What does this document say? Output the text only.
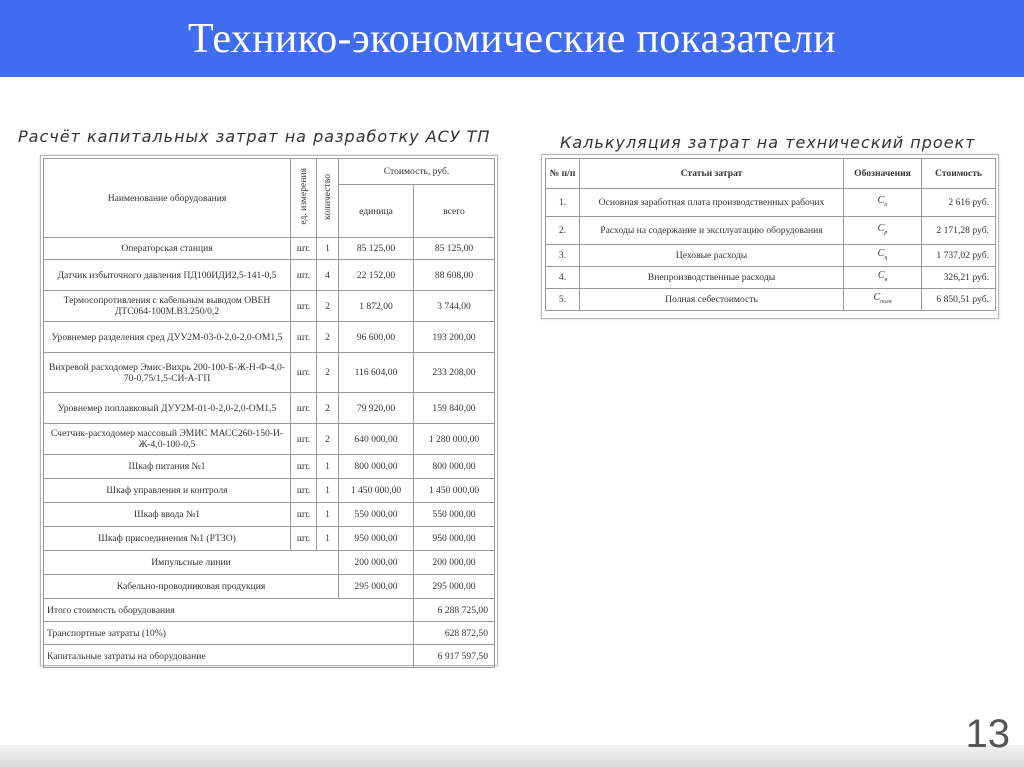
Технико-экономические показатели
Расчёт капитальных затрат на разработку АСУ ТП	Калькуляция затрат на технический проект
Наименование оборудования	ед. измерения	количество	Стоимость, руб.	
			единица	всего
Операторская станция	шт.	1	85 125,00	85 125,00
Датчик избыточного давления ПД100ИДИ2,5-141-0,5	шт.	4	22 152,00	88 608,00
Термосопротивления с кабельным выводом ОВЕН ДТС064-100М.В3.250/0,2	шт.	2	1 872,00	3 744,00
Уровнемер разделения сред ДУУ2М-03-0-2,0-2,0-ОМ1,5	шт.	2	96 600,00	193 200,00
Вихревой расходомер Эмис-Вихрь 200-100-Б-Ж-Н-Ф-4,0-70-0,75/1,5-СИ-А-ГП	шт.	2	116 604,00	233 208,00
Уровнемер поплавковый ДУУ2М-01-0-2,0-2,0-ОМ1,5	шт.	2	79 920,00	159 840,00
Счетчик-расходомер массовый ЭМИС МАСС260-150-И-Ж-4,0-100-0,5	шт.	2	640 000,00	1 280 000,00
Шкаф питания №1	шт.	1	800 000,00	800 000,00
Шкаф управления и контроля	шт.	1	1 450 000,00	1 450 000,00
Шкаф ввода №1	шт.	1	550 000,00	550 000,00
Шкаф присоединения №1 (РТЗО)	шт.	1	950 000,00	950 000,00
Импульсные линии			200 000,00	200 000,00
Кабельно-проводниковая продукция			295 000,00	295 000,00
Итого стоимость оборудования				6 288 725,00
Транспортные затраты (10%)				628 872,50
Капитальные затраты на оборудование				6 917 597,50
№ п/п	Статьи затрат	Обозначения	Стоимость
1.	Основная заработная плата производственных рабочих	$C_о$	2 616 руб.
2.	Расходы на содержание и эксплуатацию оборудования	$C_р$	2 171,28 руб.
3.	Цеховые расходы	$C_ц$	1 737,02 руб.
4.	Внепроизводственные расходы	$C_в$	326,21 руб.
5.	Полная себестоимость	$C_{полн}$	6 850,51 руб.
13
